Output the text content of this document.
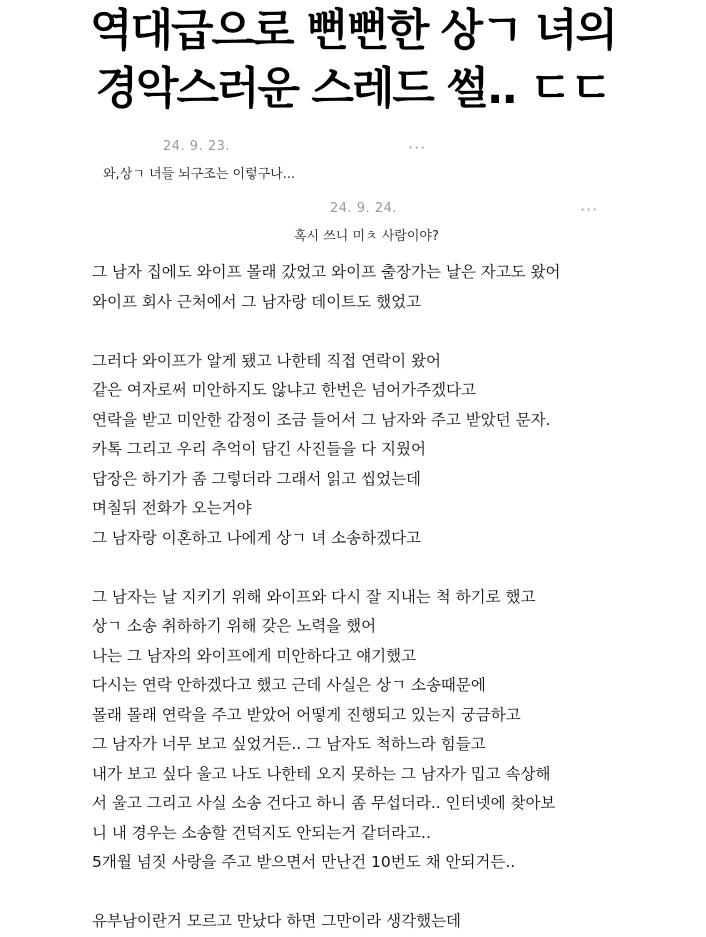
역대급으로 뻔뻔한 상ㄱ 녀의
경악스러운 스레드 썰.. ㄷㄷ
24. 9. 23.	···
와,상ㄱ 녀들 뇌구조는 이렇구나...
24. 9. 24.	···
혹시 쓰니 미ㅊ 사람이야?
그 남자 집에도 와이프 몰래 갔었고 와이프 출장가는 날은 자고도 왔어
와이프 회사 근처에서 그 남자랑 데이트도 했었고
그러다 와이프가 알게 됐고 나한테 직접 연락이 왔어
같은 여자로써 미안하지도 않냐고 한번은 넘어가주겠다고
연락을 받고 미안한 감정이 조금 들어서 그 남자와 주고 받았던 문자.
카톡 그리고 우리 추억이 담긴 사진들을 다 지웠어
답장은 하기가 좀 그렇더라 그래서 읽고 씹었는데
며칠뒤 전화가 오는거야
그 남자랑 이혼하고 나에게 상ㄱ 녀 소송하겠다고
그 남자는 날 지키기 위해 와이프와 다시 잘 지내는 척 하기로 했고
상ㄱ 소송 취하하기 위해 갖은 노력을 했어
나는 그 남자의 와이프에게 미안하다고 얘기했고
다시는 연락 안하겠다고 했고 근데 사실은 상ㄱ 소송때문에
몰래 몰래 연락을 주고 받았어 어떻게 진행되고 있는지 궁금하고
그 남자가 너무 보고 싶었거든.. 그 남자도 척하느라 힘들고
내가 보고 싶다 울고 나도 나한테 오지 못하는 그 남자가 밉고 속상해
서 울고 그리고 사실 소송 건다고 하니 좀 무섭더라.. 인터넷에 찾아보
니 내 경우는 소송할 건덕지도 안되는거 같더라고..
5개월 넘짓 사랑을 주고 받으면서 만난건 10번도 채 안되거든..
유부남이란거 모르고 만났다 하면 그만이라 생각했는데
